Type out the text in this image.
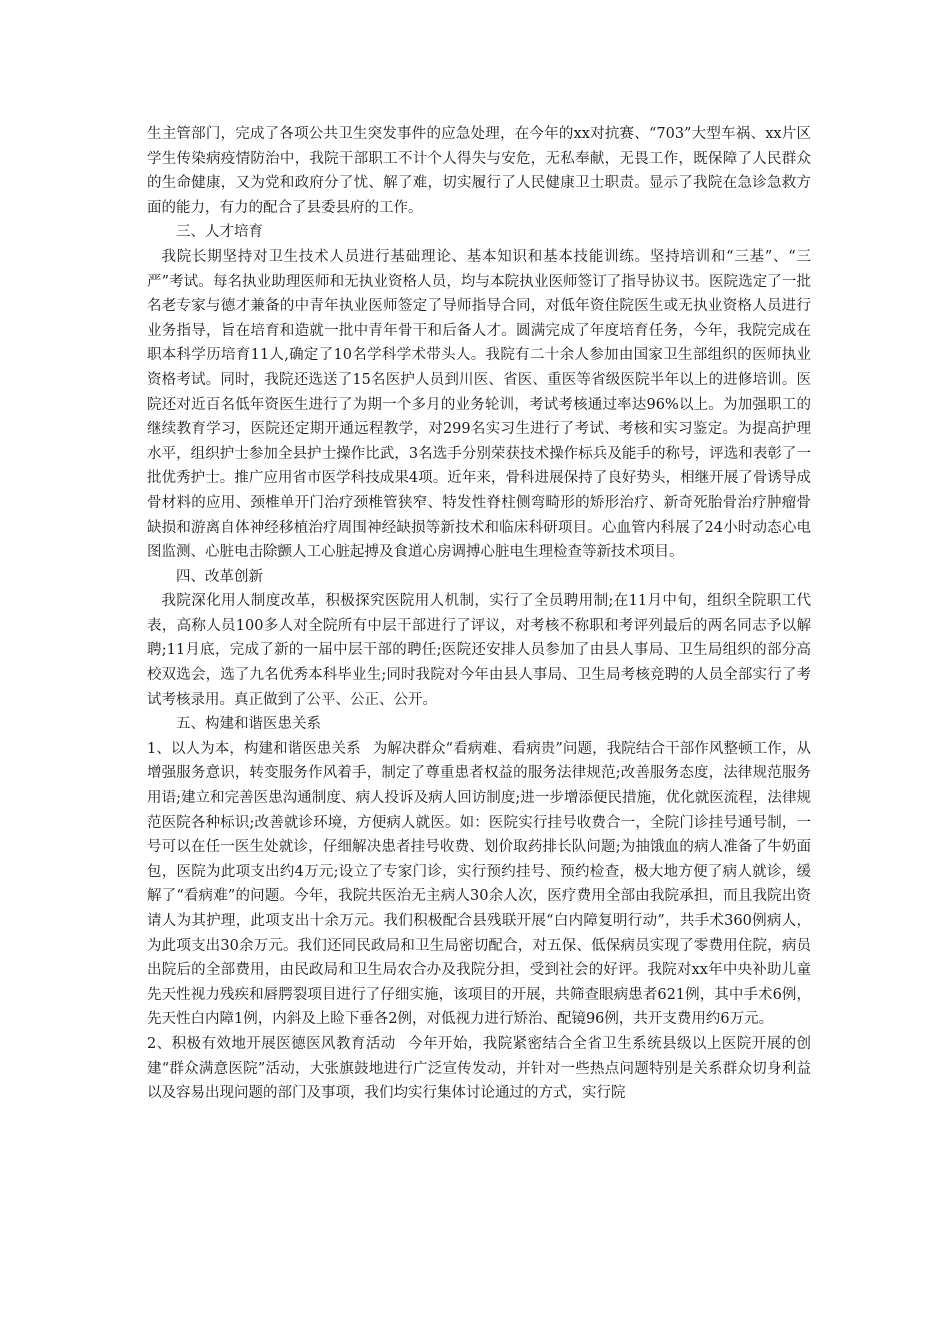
生主管部门，完成了各项公共卫生突发事件的应急处理，在今年的xx对抗赛、“703”大型车祸、xx片区学生传染病疫情防治中，我院干部职工不计个人得失与安危，无私奉献，无畏工作，既保障了人民群众的生命健康，又为党和政府分了忧、解了难，切实履行了人民健康卫士职责。显示了我院在急诊急救方面的能力，有力的配合了县委县府的工作。

三、人才培育

我院长期坚持对卫生技术人员进行基础理论、基本知识和基本技能训练。坚持培训和“三基”、“三严”考试。每名执业助理医师和无执业资格人员，均与本院执业医师签订了指导协议书。医院选定了一批名老专家与德才兼备的中青年执业医师签定了导师指导合同，对低年资住院医生或无执业资格人员进行业务指导，旨在培育和造就一批中青年骨干和后备人才。圆满完成了年度培育任务，今年，我院完成在职本科学历培育11人,确定了10名学科学术带头人。我院有二十余人参加由国家卫生部组织的医师执业资格考试。同时，我院还选送了15名医护人员到川医、省医、重医等省级医院半年以上的进修培训。医院还对近百名低年资医生进行了为期一个多月的业务轮训，考试考核通过率达96%以上。为加强职工的继续教育学习，医院还定期开通远程教学，对299名实习生进行了考试、考核和实习鉴定。为提高护理水平，组织护士参加全县护士操作比武，3名选手分别荣获技术操作标兵及能手的称号，评选和表彰了一批优秀护士。推广应用省市医学科技成果4项。近年来，骨科进展保持了良好势头，相继开展了骨诱导成骨材料的应用、颈椎单开门治疗颈椎管狭窄、特发性脊柱侧弯畸形的矫形治疗、新奇死胎骨治疗肿瘤骨缺损和游离自体神经移植治疗周围神经缺损等新技术和临床科研项目。心血管内科展了24小时动态心电图监测、心脏电击除颤人工心脏起搏及食道心房调搏心脏电生理检查等新技术项目。

四、改革创新

我院深化用人制度改革，积极探究医院用人机制，实行了全员聘用制;在11月中旬，组织全院职工代表，高称人员100多人对全院所有中层干部进行了评议，对考核不称职和考评列最后的两名同志予以解聘;11月底，完成了新的一届中层干部的聘任;医院还安排人员参加了由县人事局、卫生局组织的部分高校双选会，选了九名优秀本科毕业生;同时我院对今年由县人事局、卫生局考核竞聘的人员全部实行了考试考核录用。真正做到了公平、公正、公开。

五、构建和谐医患关系

1、以人为本，构建和谐医患关系 为解决群众“看病难、看病贵”问题，我院结合干部作风整顿工作，从增强服务意识，转变服务作风着手，制定了尊重患者权益的服务法律规范;改善服务态度，法律规范服务用语;建立和完善医患沟通制度、病人投诉及病人回访制度;进一步增添便民措施，优化就医流程，法律规范医院各种标识;改善就诊环境，方便病人就医。如：医院实行挂号收费合一，全院门诊挂号通号制，一号可以在任一医生处就诊，仔细解决患者挂号收费、划价取药排长队问题;为抽饿血的病人准备了牛奶面包，医院为此项支出约4万元;设立了专家门诊，实行预约挂号、预约检查，极大地方便了病人就诊，缓解了“看病难”的问题。今年，我院共医治无主病人30余人次，医疗费用全部由我院承担，而且我院出资请人为其护理，此项支出十余万元。我们积极配合县残联开展“白内障复明行动”，共手术360例病人，为此项支出30余万元。我们还同民政局和卫生局密切配合，对五保、低保病员实现了零费用住院，病员出院后的全部费用，由民政局和卫生局农合办及我院分担，受到社会的好评。我院对xx年中央补助儿童先天性视力残疾和唇腭裂项目进行了仔细实施，该项目的开展，共筛查眼病患者621例，其中手术6例，先天性白内障1例，内斜及上睑下垂各2例，对低视力进行矫治、配镜96例，共开支费用约6万元。

2、积极有效地开展医德医风教育活动 今年开始，我院紧密结合全省卫生系统县级以上医院开展的创建“群众满意医院”活动，大张旗鼓地进行广泛宣传发动，并针对一些热点问题特别是关系群众切身利益以及容易出现问题的部门及事项，我们均实行集体讨论通过的方式，实行院
